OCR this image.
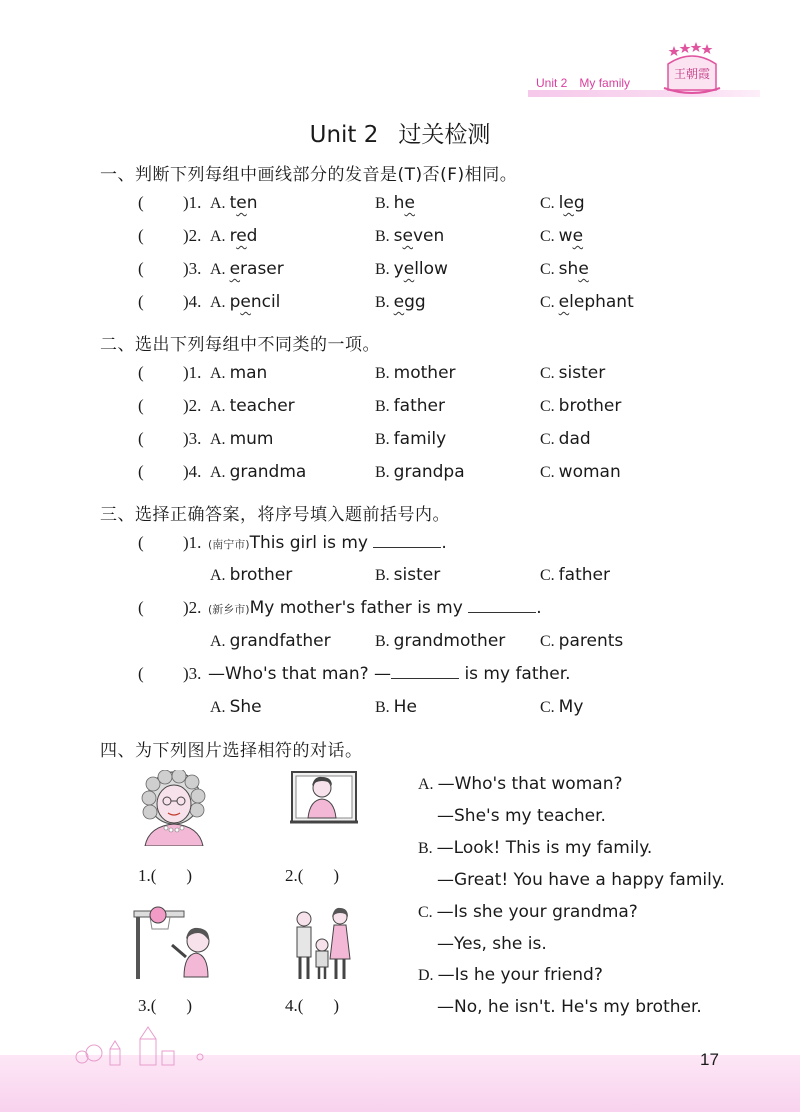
Unit 2 My family
王朝霞
Unit 2 过关检测
一、判断下列每组中画线部分的发音是(T)否(F)相同。
(	)1. A. ten	B. he	C. leg
(	)2. A. red	B. seven	C. we
(	)3. A. eraser	B. yellow	C. she
(	)4. A. pencil	B. egg	C. elephant
二、选出下列每组中不同类的一项。
(	)1. A. man	B. mother	C. sister
(	)2. A. teacher	B. father	C. brother
(	)3. A. mum	B. family	C. dad
(	)4. A. grandma	B. grandpa	C. woman
三、选择正确答案，将序号填入题前括号内。
(	)1. (南宁市)This girl is my	.
A. brother	B. sister	C. father
(	)2. (新乡市)My mother's father is my	.
A. grandfather	B. grandmother C. parents
(	)3. —Who's that man? —	is my father.
A. She	B. He	C. My
四、为下列图片选择相符的对话。
1.( )	2.( )
3.( )	4.( )
A. —Who's that woman?
—She's my teacher.
B. —Look! This is my family.
—Great! You have a happy family.
C. —Is she your grandma?
—Yes, she is.
D. —Is he your friend?
—No, he isn't. He's my brother.
17
